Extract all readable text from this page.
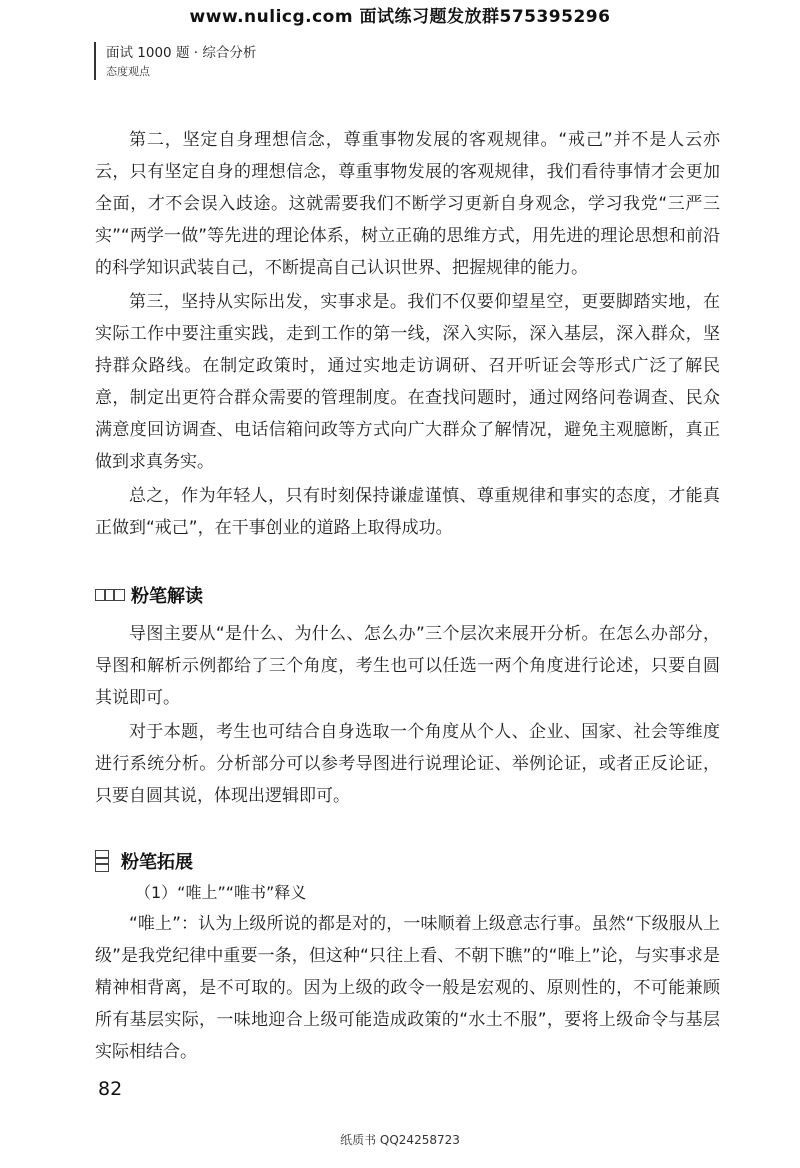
www.nulicg.com 面试练习题发放群575395296
面试 1000 题 · 综合分析
态度观点

第二，坚定自身理想信念，尊重事物发展的客观规律。“戒己”并不是人云亦云，只有坚定自身的理想信念，尊重事物发展的客观规律，我们看待事情才会更加全面，才不会误入歧途。这就需要我们不断学习更新自身观念，学习我党“三严三实”“两学一做”等先进的理论体系，树立正确的思维方式，用先进的理论思想和前沿的科学知识武装自己，不断提高自己认识世界、把握规律的能力。

第三，坚持从实际出发，实事求是。我们不仅要仰望星空，更要脚踏实地，在实际工作中要注重实践，走到工作的第一线，深入实际，深入基层，深入群众，坚持群众路线。在制定政策时，通过实地走访调研、召开听证会等形式广泛了解民意，制定出更符合群众需要的管理制度。在查找问题时，通过网络问卷调查、民众满意度回访调查、电话信箱问政等方式向广大群众了解情况，避免主观臆断，真正做到求真务实。

总之，作为年轻人，只有时刻保持谦虚谨慎、尊重规律和事实的态度，才能真正做到“戒己”，在干事创业的道路上取得成功。

粉笔解读

导图主要从“是什么、为什么、怎么办”三个层次来展开分析。在怎么办部分，导图和解析示例都给了三个角度，考生也可以任选一两个角度进行论述，只要自圆其说即可。

对于本题，考生也可结合自身选取一个角度从个人、企业、国家、社会等维度进行系统分析。分析部分可以参考导图进行说理论证、举例论证，或者正反论证，只要自圆其说，体现出逻辑即可。

粉笔拓展

（1）“唯上”“唯书”释义

“唯上”：认为上级所说的都是对的，一味顺着上级意志行事。虽然“下级服从上级”是我党纪律中重要一条，但这种“只往上看、不朝下瞧”的“唯上”论，与实事求是精神相背离，是不可取的。因为上级的政令一般是宏观的、原则性的，不可能兼顾所有基层实际，一味地迎合上级可能造成政策的“水土不服”，要将上级命令与基层实际相结合。

82
纸质书 QQ24258723
